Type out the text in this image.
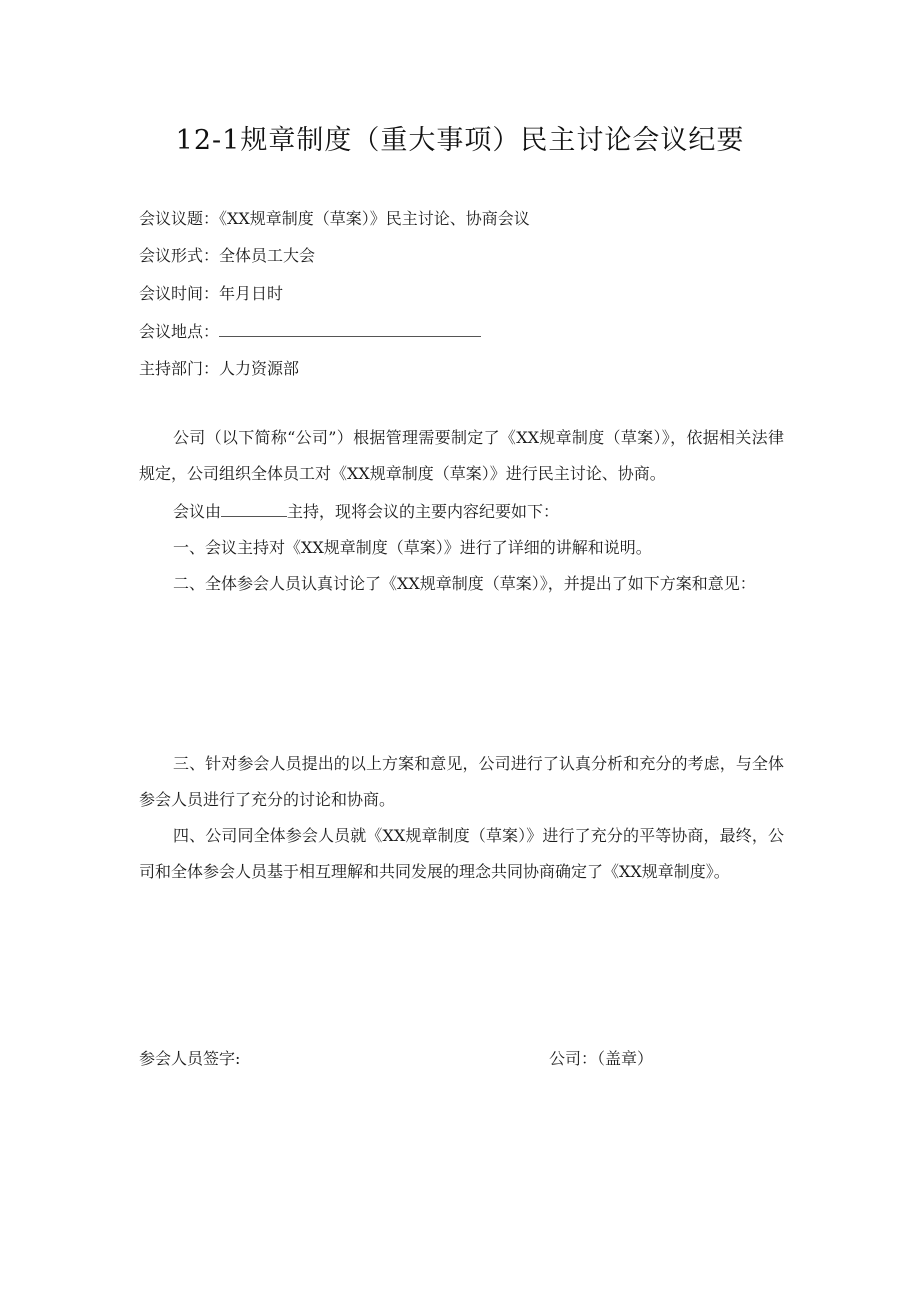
12-1规章制度（重大事项）民主讨论会议纪要
会议议题：《XX规章制度（草案）》民主讨论、协商会议
会议形式：全体员工大会
会议时间：年月日时
会议地点：
主持部门：人力资源部
公司（以下简称“公司”）根据管理需要制定了《XX规章制度（草案）》，依据相关法律规定，公司组织全体员工对《XX规章制度（草案）》进行民主讨论、协商。
会议由	主持，现将会议的主要内容纪要如下：
一、会议主持对《XX规章制度（草案）》进行了详细的讲解和说明。
二、全体参会人员认真讨论了《XX规章制度（草案）》，并提出了如下方案和意见：
三、针对参会人员提出的以上方案和意见，公司进行了认真分析和充分的考虑，与全体参会人员进行了充分的讨论和协商。
四、公司同全体参会人员就《XX规章制度（草案）》进行了充分的平等协商，最终，公司和全体参会人员基于相互理解和共同发展的理念共同协商确定了《XX规章制度》。
参会人员签字:	公司：（盖章）
